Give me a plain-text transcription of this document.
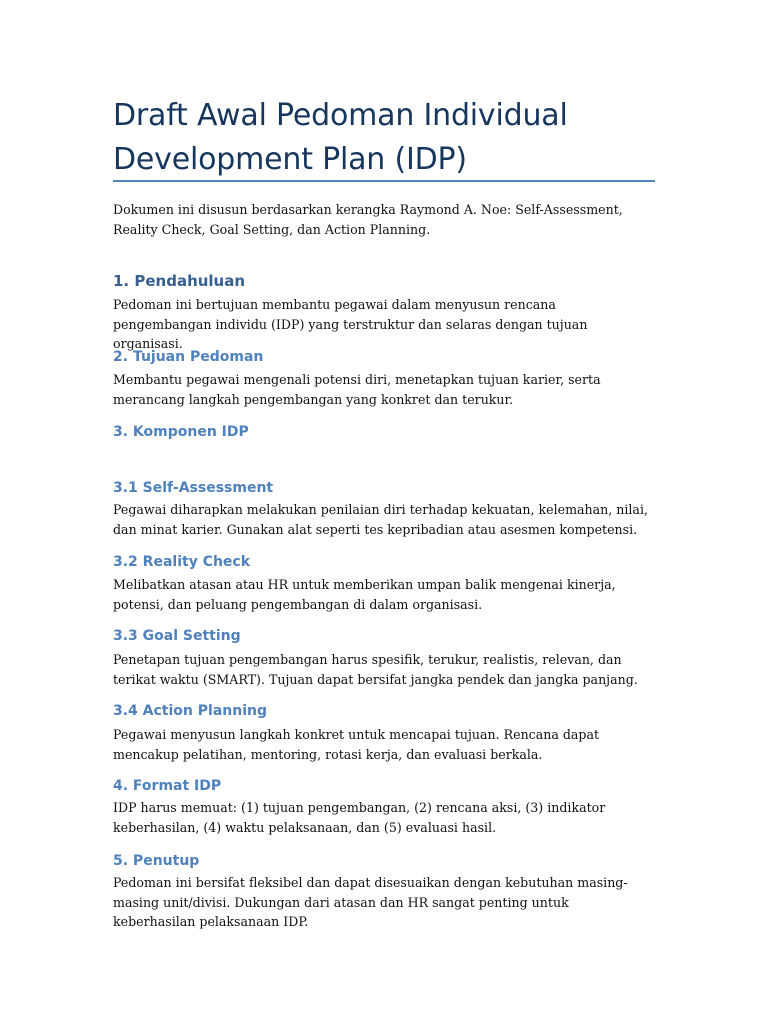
Draft Awal Pedoman Individual Development Plan (IDP)

Dokumen ini disusun berdasarkan kerangka Raymond A. Noe: Self-Assessment, Reality Check, Goal Setting, dan Action Planning.

1. Pendahuluan

Pedoman ini bertujuan membantu pegawai dalam menyusun rencana pengembangan individu (IDP) yang terstruktur dan selaras dengan tujuan organisasi.

2. Tujuan Pedoman

Membantu pegawai mengenali potensi diri, menetapkan tujuan karier, serta merancang langkah pengembangan yang konkret dan terukur.

3. Komponen IDP
3.1 Self-Assessment

Pegawai diharapkan melakukan penilaian diri terhadap kekuatan, kelemahan, nilai, dan minat karier. Gunakan alat seperti tes kepribadian atau asesmen kompetensi.

3.2 Reality Check

Melibatkan atasan atau HR untuk memberikan umpan balik mengenai kinerja, potensi, dan peluang pengembangan di dalam organisasi.

3.3 Goal Setting

Penetapan tujuan pengembangan harus spesifik, terukur, realistis, relevan, dan terikat waktu (SMART). Tujuan dapat bersifat jangka pendek dan jangka panjang.

3.4 Action Planning

Pegawai menyusun langkah konkret untuk mencapai tujuan. Rencana dapat mencakup pelatihan, mentoring, rotasi kerja, dan evaluasi berkala.

4. Format IDP

IDP harus memuat: (1) tujuan pengembangan, (2) rencana aksi, (3) indikator keberhasilan, (4) waktu pelaksanaan, dan (5) evaluasi hasil.

5. Penutup

Pedoman ini bersifat fleksibel dan dapat disesuaikan dengan kebutuhan masing-masing unit/divisi. Dukungan dari atasan dan HR sangat penting untuk keberhasilan pelaksanaan IDP.
